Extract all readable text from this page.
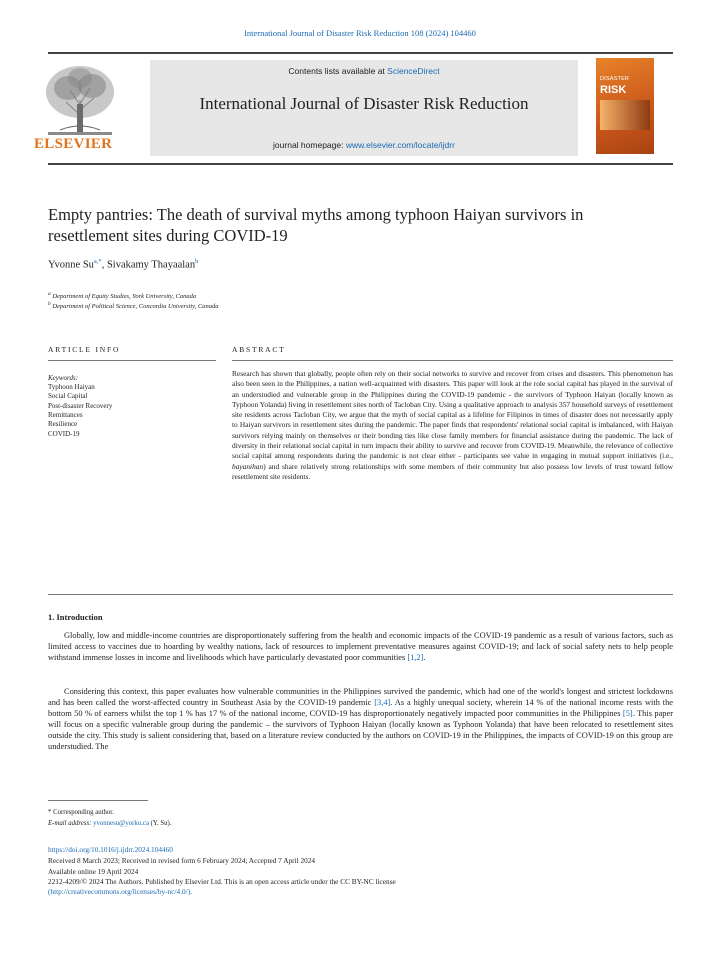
International Journal of Disaster Risk Reduction 108 (2024) 104460
ELSEVIER
Contents lists available at ScienceDirect
International Journal of Disaster Risk Reduction
journal homepage: www.elsevier.com/locate/ijdrr
DISASTER
RISK
Empty pantries: The death of survival myths among typhoon Haiyan survivors in resettlement sites during COVID-19
Yvonne $Su^{a,*}$, Sivakamy Thayaalan$^b$
$^a$ Department of Equity Studies, York University, Canada
$^b$ Department of Political Science, Concordia University, Canada
ARTICLE INFO	ABSTRACT
Keywords:
Typhoon Haiyan
Social Capital
Post-disaster Recovery
Remittances
Resilience
COVID-19
Research has shown that globally, people often rely on their social networks to survive and recover from crises and disasters. This phenomenon has also been seen in the Philippines, a nation well-acquainted with disasters. This paper will look at the role social capital has played in the survival of an understudied and vulnerable group in the Philippines during the COVID-19 pandemic - the survivors of Typhoon Haiyan (locally known as Typhoon Yolanda) living in resettlement sites north of Tacloban City. Using a qualitative approach to analysis 357 household surveys of resettlement site residents across Tacloban City, we argue that the myth of social capital as a lifeline for Filipinos in times of disaster does not necessarily apply to Haiyan survivors in resettlement sites during the pandemic. The paper finds that respondents' relational social capital is imbalanced, with Haiyan survivors relying mainly on themselves or their bonding ties like close family members for financial assistance during the pandemic. The lack of diversity in their relational social capital in turn impacts their ability to survive and recover from COVID-19. Meanwhile, the relevance of collective social capital among respondents during the pandemic is not clear either - participants see value in engaging in mutual support initiatives (i.e., bayanihan) and share relatively strong relationships with some members of their community but also possess low levels of trust toward fellow resettlement site residents.
1. Introduction
Globally, low and middle-income countries are disproportionately suffering from the health and economic impacts of the COVID-19 pandemic as a result of various factors, such as limited access to vaccines due to hoarding by wealthy nations, lack of resources to implement preventative measures against COVID-19; and lack of social safety nets to help people withstand immense losses in income and livelihoods which have particularly devastated poor communities [1,2].
Considering this context, this paper evaluates how vulnerable communities in the Philippines survived the pandemic, which had one of the world's longest and strictest lockdowns and has been called the worst-affected country in Southeast Asia by the COVID-19 pandemic [3,4]. As a highly unequal society, wherein 14 % of the national income rests with the bottom 50 % of earners whilst the top 1 % has 17 % of the national income, COVID-19 has disproportionately negatively impacted poor communities in the Philippines [5]. This paper will focus on a specific vulnerable group during the pandemic – the survivors of Typhoon Haiyan (locally known as Typhoon Yolanda) that have been relocated to resettlement sites outside the city. This study is salient considering that, based on a literature review conducted by the authors on COVID-19 in the Philippines, the impacts of COVID-19 on this group are understudied. The
* Corresponding author.
E-mail address: yvonnesu@yorku.ca (Y. Su).
https://doi.org/10.1016/j.ijdrr.2024.104460
Received 8 March 2023; Received in revised form 6 February 2024; Accepted 7 April 2024
Available online 19 April 2024
2212-4209/© 2024 The Authors. Published by Elsevier Ltd. This is an open access article under the CC BY-NC license
(http://creativecommons.org/licenses/by-nc/4.0/).
